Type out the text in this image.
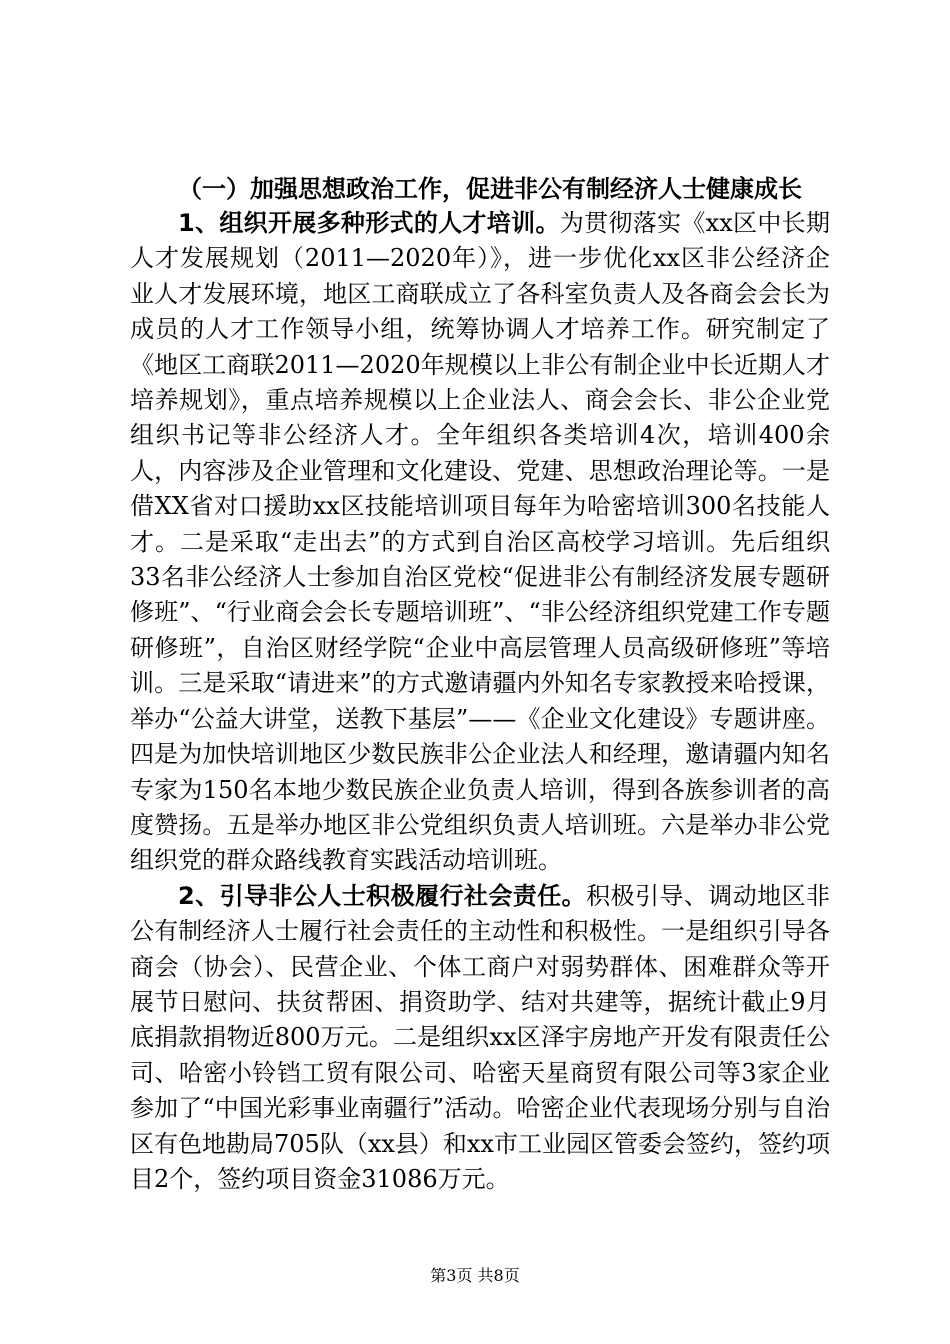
（一）加强思想政治工作，促进非公有制经济人士健康成长

1、组织开展多种形式的人才培训。为贯彻落实《xx区中长期人才发展规划（2011—2020年）》，进一步优化xx区非公经济企业人才发展环境，地区工商联成立了各科室负责人及各商会会长为成员的人才工作领导小组，统筹协调人才培养工作。研究制定了《地区工商联2011—2020年规模以上非公有制企业中长近期人才培养规划》，重点培养规模以上企业法人、商会会长、非公企业党组织书记等非公经济人才。全年组织各类培训4次，培训400余人，内容涉及企业管理和文化建设、党建、思想政治理论等。一是借XX省对口援助xx区技能培训项目每年为哈密培训300名技能人才。二是采取“走出去”的方式到自治区高校学习培训。先后组织33名非公经济人士参加自治区党校“促进非公有制经济发展专题研修班”、“行业商会会长专题培训班”、“非公经济组织党建工作专题研修班”，自治区财经学院“企业中高层管理人员高级研修班”等培训。三是采取“请进来”的方式邀请疆内外知名专家教授来哈授课，举办“公益大讲堂，送教下基层”——《企业文化建设》专题讲座。四是为加快培训地区少数民族非公企业法人和经理，邀请疆内知名专家为150名本地少数民族企业负责人培训，得到各族参训者的高度赞扬。五是举办地区非公党组织负责人培训班。六是举办非公党组织党的群众路线教育实践活动培训班。

2、引导非公人士积极履行社会责任。积极引导、调动地区非公有制经济人士履行社会责任的主动性和积极性。一是组织引导各商会（协会）、民营企业、个体工商户对弱势群体、困难群众等开展节日慰问、扶贫帮困、捐资助学、结对共建等，据统计截止9月底捐款捐物近800万元。二是组织xx区泽宇房地产开发有限责任公司、哈密小铃铛工贸有限公司、哈密天星商贸有限公司等3家企业参加了“中国光彩事业南疆行”活动。哈密企业代表现场分别与自治区有色地勘局705队（xx县）和xx市工业园区管委会签约，签约项目2个，签约项目资金31086万元。

第3页 共8页
